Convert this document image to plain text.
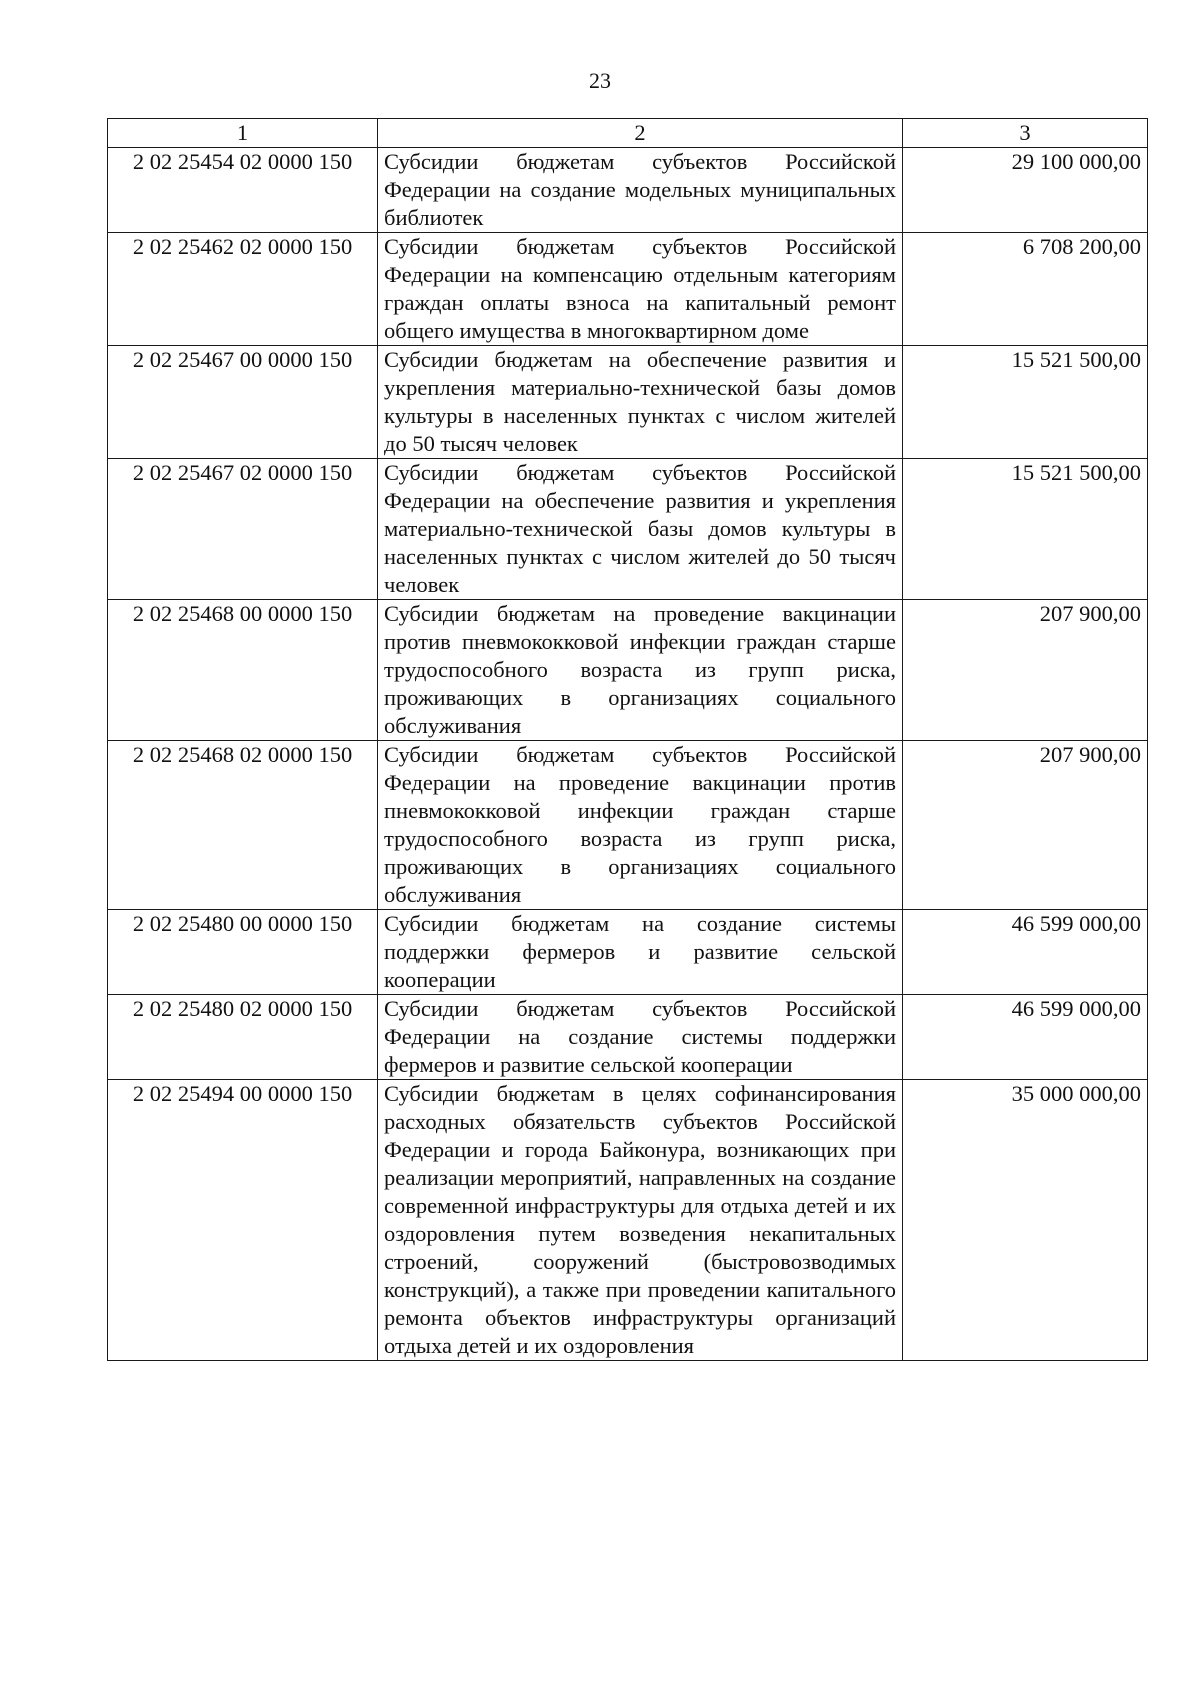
23
1	2	3
2 02 25454 02 0000 150	Субсидии бюджетам субъектов Российской Федерации на создание модельных муниципальных библиотек	29 100 000,00
2 02 25462 02 0000 150	Субсидии бюджетам субъектов Российской Федерации на компенсацию отдельным категориям граждан оплаты взноса на капитальный ремонт общего имущества в многоквартирном доме	6 708 200,00
2 02 25467 00 0000 150	Субсидии бюджетам на обеспечение развития и укрепления материально-технической базы домов культуры в населенных пунктах с числом жителей до 50 тысяч человек	15 521 500,00
2 02 25467 02 0000 150	Субсидии бюджетам субъектов Российской Федерации на обеспечение развития и укрепления материально-технической базы домов культуры в населенных пунктах с числом жителей до 50 тысяч человек	15 521 500,00
2 02 25468 00 0000 150	Субсидии бюджетам на проведение вакцинации против пневмококковой инфекции граждан старше трудоспособного возраста из групп риска, проживающих в организациях социального обслуживания	207 900,00
2 02 25468 02 0000 150	Субсидии бюджетам субъектов Российской Федерации на проведение вакцинации против пневмококковой инфекции граждан старше трудоспособного возраста из групп риска, проживающих в организациях социального обслуживания	207 900,00
2 02 25480 00 0000 150	Субсидии бюджетам на создание системы поддержки фермеров и развитие сельской кооперации	46 599 000,00
2 02 25480 02 0000 150	Субсидии бюджетам субъектов Российской Федерации на создание системы поддержки фермеров и развитие сельской кооперации	46 599 000,00
2 02 25494 00 0000 150	Субсидии бюджетам в целях софинансирования расходных обязательств субъектов Российской Федерации и города Байконура, возникающих при реализации мероприятий, направленных на создание современной инфраструктуры для отдыха детей и их оздоровления путем возведения некапитальных строений, сооружений (быстровозводимых конструкций), а также при проведении капитального ремонта объектов инфраструктуры организаций отдыха детей и их оздоровления	35 000 000,00
